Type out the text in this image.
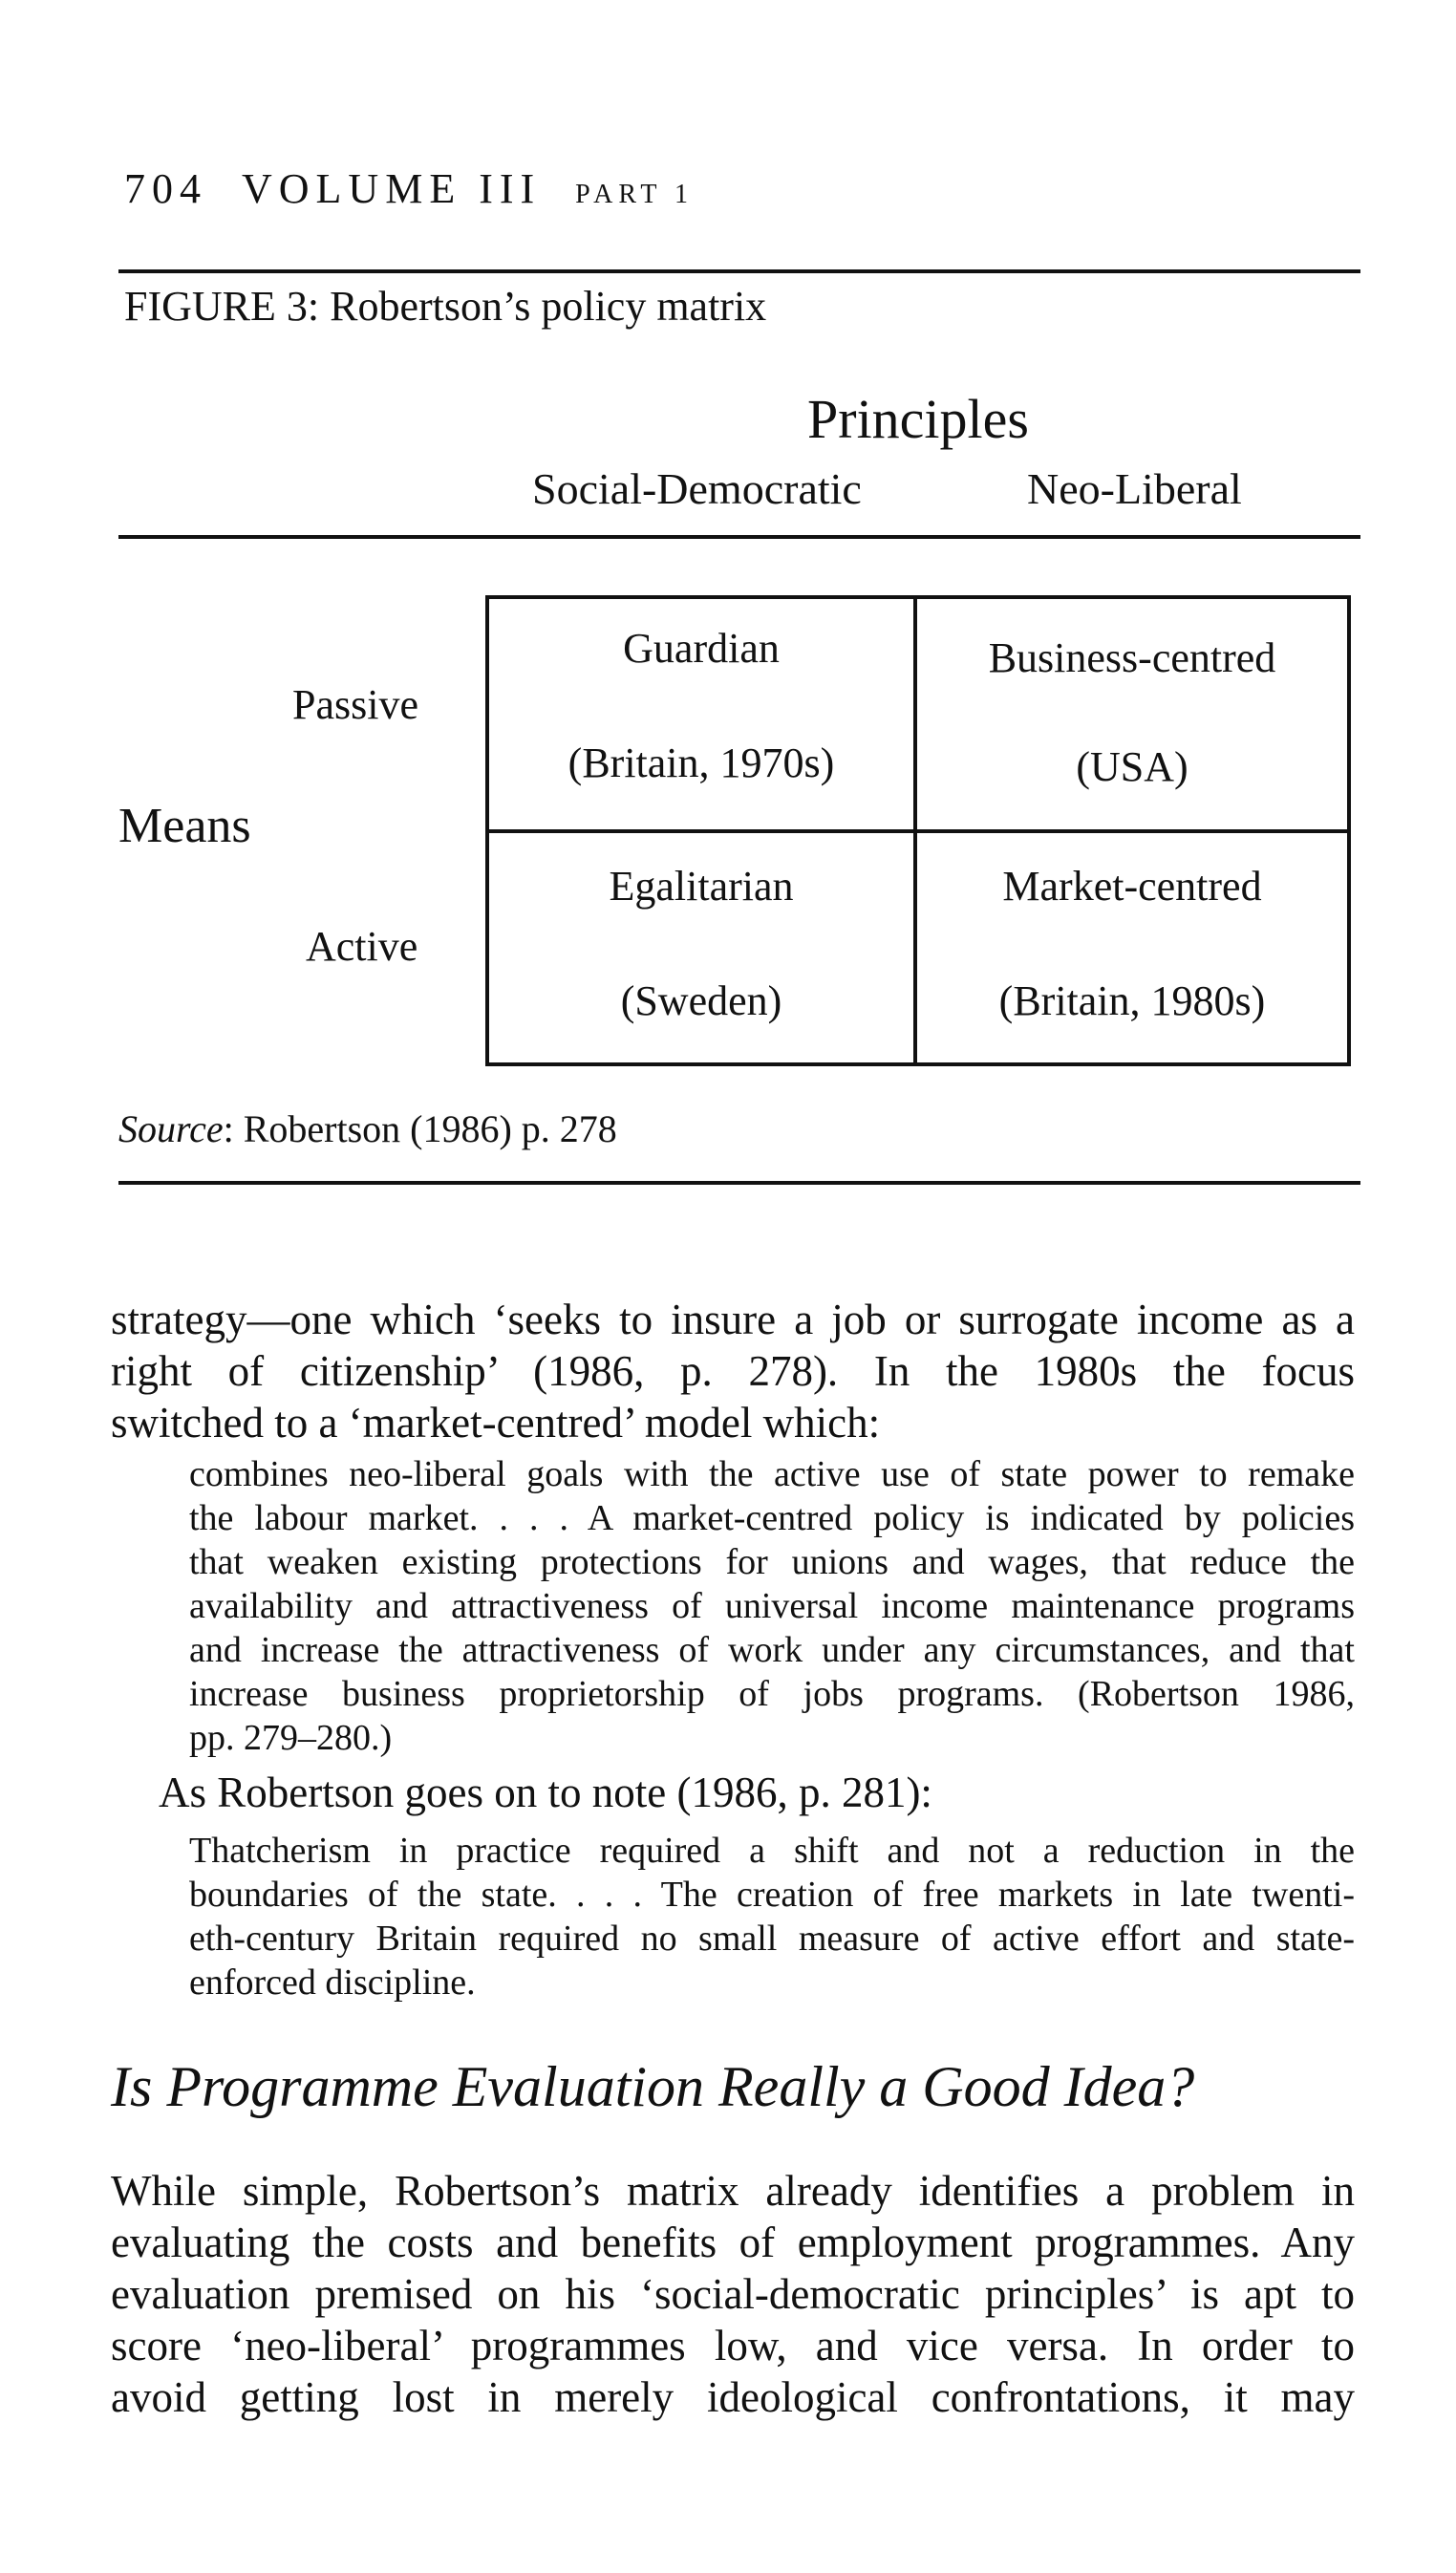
704 VOLUME III PART 1
FIGURE 3: Robertson’s policy matrix
Principles
Social-Democratic	Neo-Liberal
Means
Passive
Active
Guardian
(Britain, 1970s)
Business-centred
(USA)
Egalitarian
(Sweden)
Market-centred
(Britain, 1980s)
Source: Robertson (1986) p. 278
strategy—one which ‘seeks to insure a job or surrogate income as a
right of citizenship’ (1986, p. 278). In the 1980s the focus
switched to a ‘market-centred’ model which:
combines neo-liberal goals with the active use of state power to remake
the labour market. . . . A market-centred policy is indicated by policies
that weaken existing protections for unions and wages, that reduce the
availability and attractiveness of universal income maintenance programs
and increase the attractiveness of work under any circumstances, and that
increase business proprietorship of jobs programs. (Robertson 1986,
pp. 279–280.)
As Robertson goes on to note (1986, p. 281):
Thatcherism in practice required a shift and not a reduction in the
boundaries of the state. . . . The creation of free markets in late twenti-
eth-century Britain required no small measure of active effort and state-
enforced discipline.
Is Programme Evaluation Really a Good Idea?
While simple, Robertson’s matrix already identifies a problem in
evaluating the costs and benefits of employment programmes. Any
evaluation premised on his ‘social-democratic principles’ is apt to
score ‘neo-liberal’ programmes low, and vice versa. In order to
avoid getting lost in merely ideological confrontations, it may
